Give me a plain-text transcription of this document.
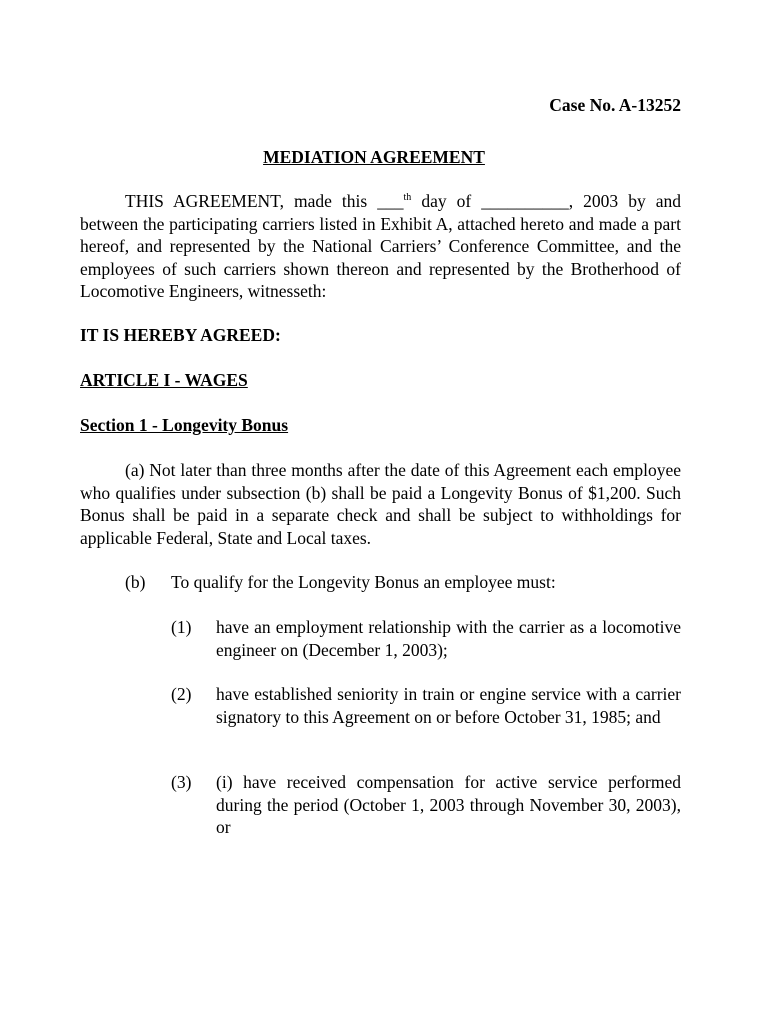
Case No. A-13252

MEDIATION AGREEMENT

THIS AGREEMENT, made this ___$^{th}$ day of __________, 2003 by and between the participating carriers listed in Exhibit A, attached hereto and made a part hereof, and represented by the National Carriers’ Conference Committee, and the employees of such carriers shown thereon and represented by the Brotherhood of Locomotive Engineers, witnesseth:

IT IS HEREBY AGREED:

ARTICLE I - WAGES

Section 1 - Longevity Bonus

(a) Not later than three months after the date of this Agreement each employee who qualifies under subsection (b) shall be paid a Longevity Bonus of $1,200. Such Bonus shall be paid in a separate check and shall be subject to withholdings for applicable Federal, State and Local taxes.

(b) To qualify for the Longevity Bonus an employee must:
(1) have an employment relationship with the carrier as a locomotive engineer on (December 1, 2003);
(2) have established seniority in train or engine service with a carrier signatory to this Agreement on or before October 31, 1985; and
(3) (i) have received compensation for active service performed during the period (October 1, 2003 through November 30, 2003), or
